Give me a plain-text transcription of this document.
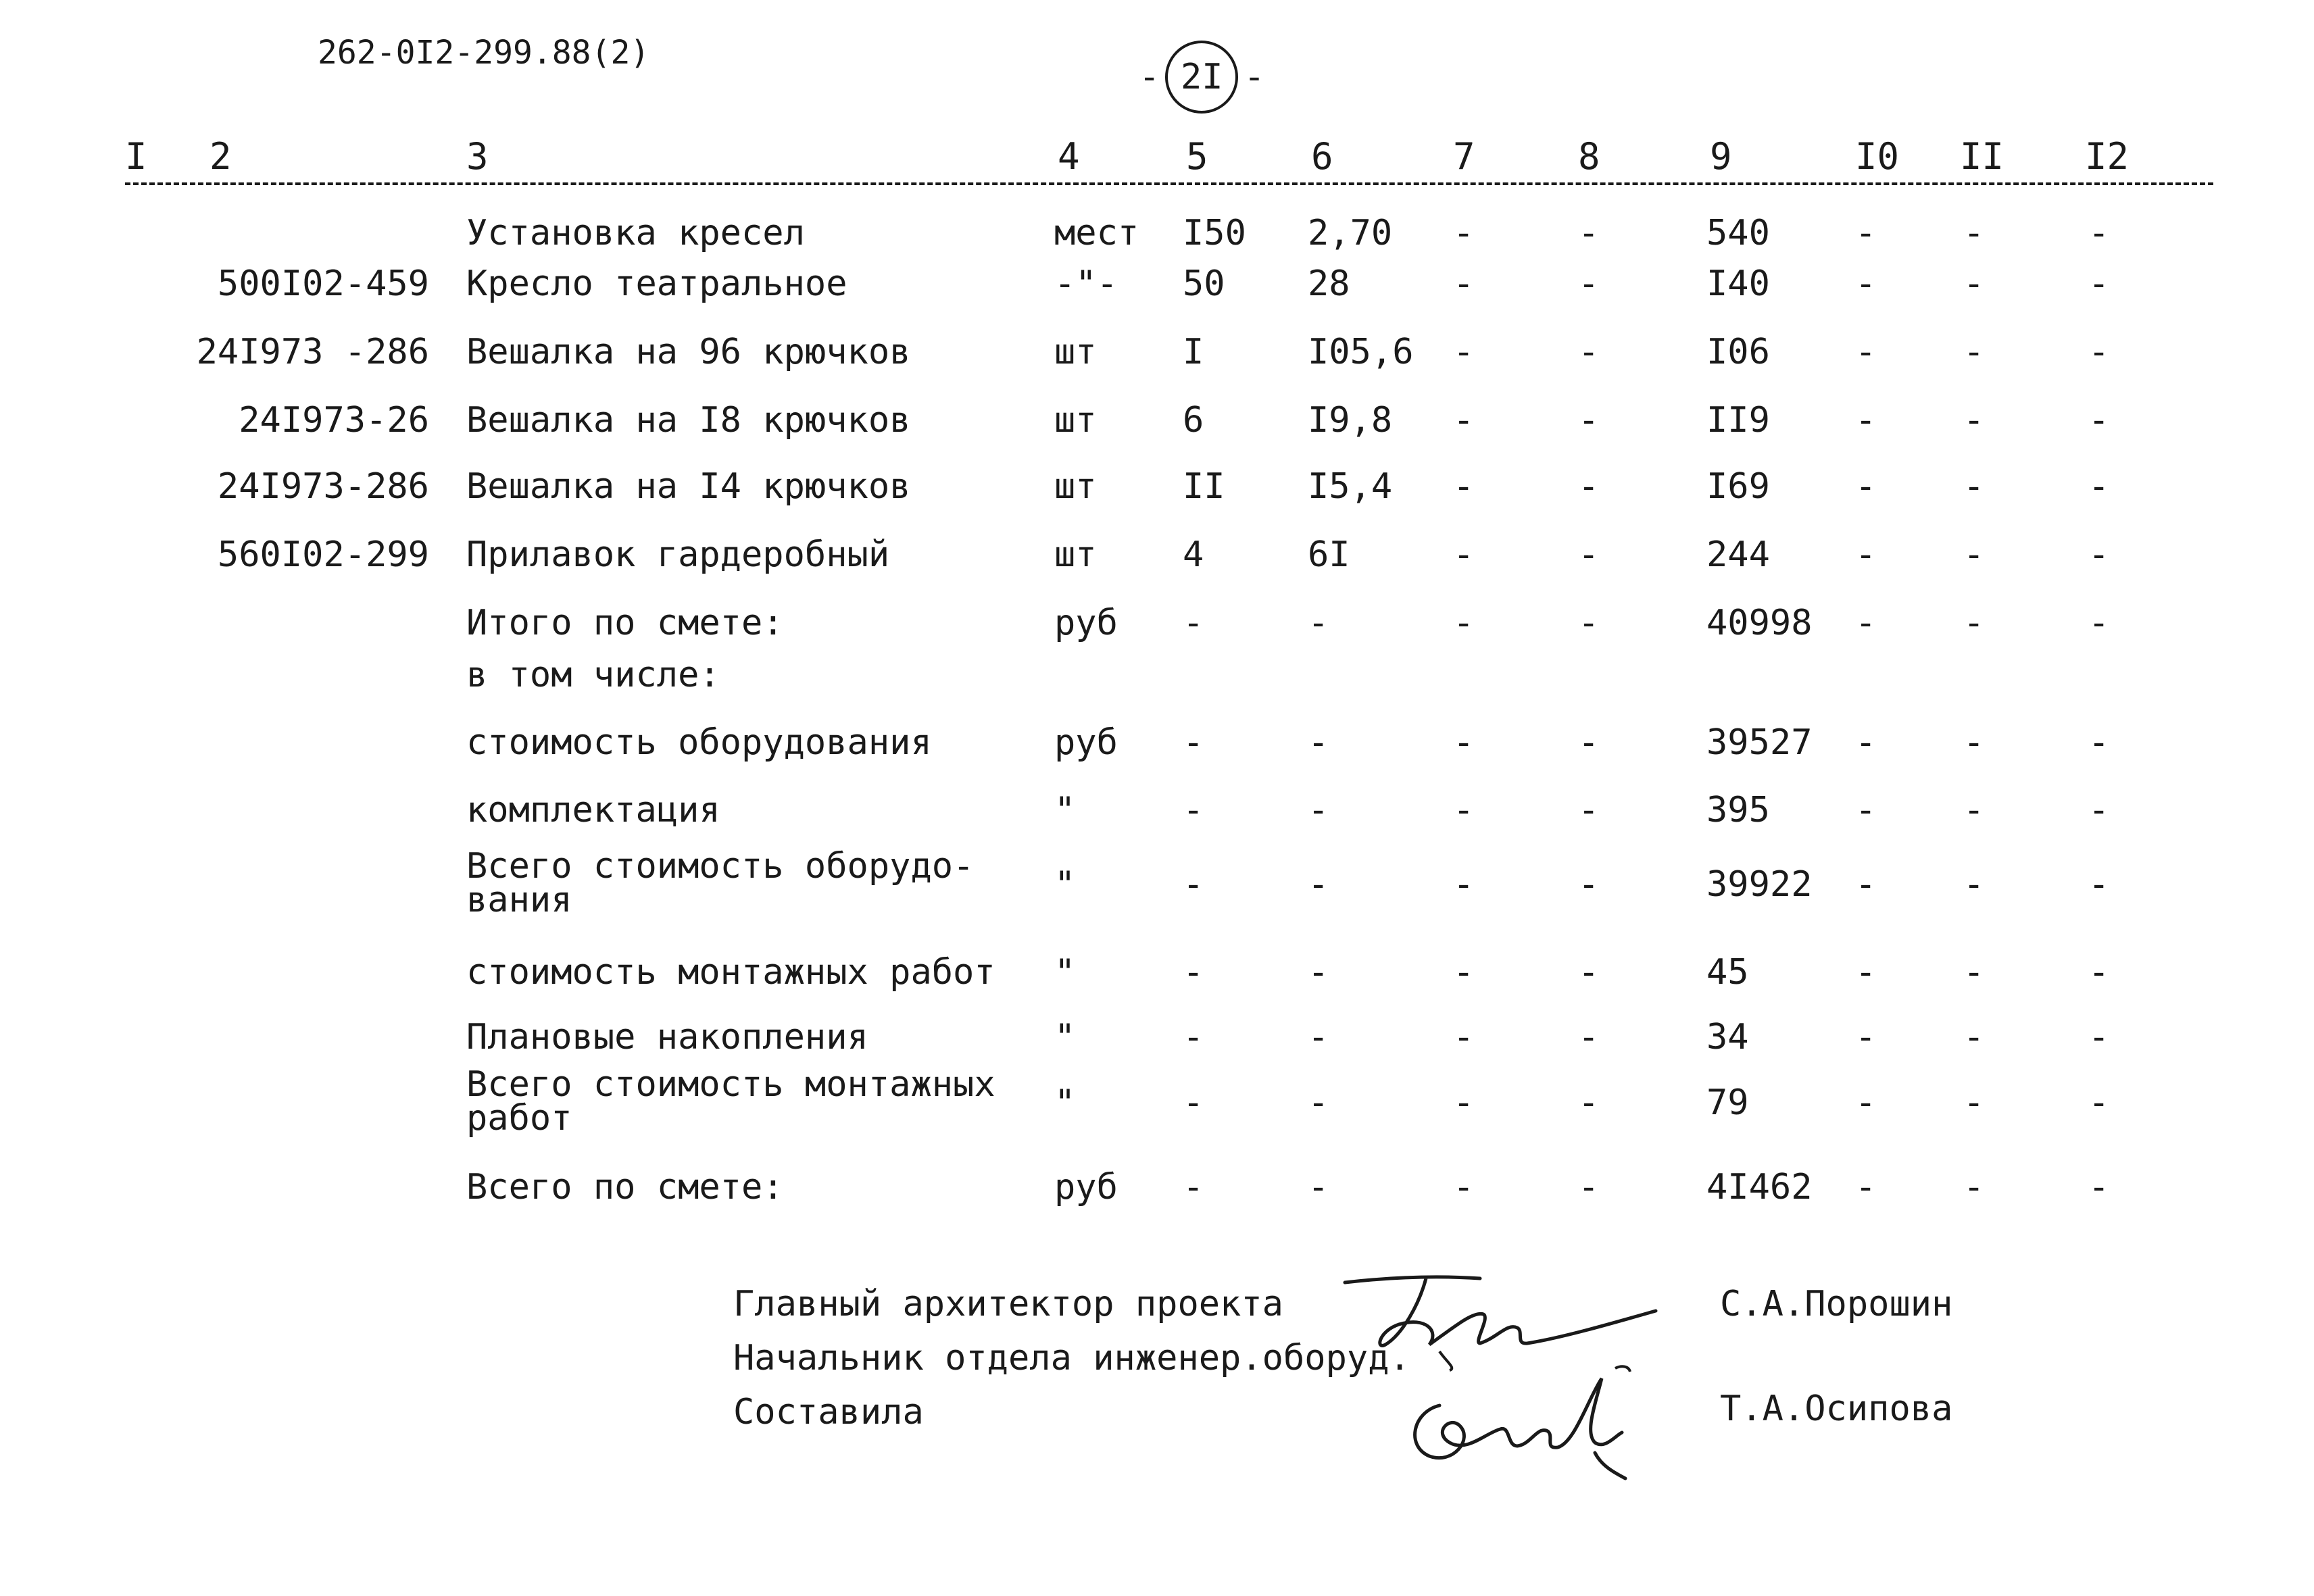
262-0I2-299.88(2)
- 2I -
I 2	3	4	5	6	7	8	9	I0 II I2
Установка кресел	мест I50 2,70 -	-	540 - -	-
500I02-459 Кресло театральное	-"- 50 28	-	-	I40 - -	-
24I973 -286 Вешалка на 96 крючков	шт I	I05,6 -	-	I06 - -	-
24I973-26 Вешалка на I8 крючков	шт 6	I9,8 -	-	II9 - -	-
24I973-286 Вешалка на I4 крючков	шт II I5,4 -	-	I69 - -	-
560I02-299 Прилавок гардеробный	шт 4	6I	-	-	244 - -	-
Итого по смете:	руб -	-	-	-	40998 - -	-
в том числе:
стоимость оборудования	руб -	-	-	-	39527 - -	-
комплектация	"	-	-	-	-	395 - -	-
Всего стоимость оборудо-вания	"	-	-	-	-	39922 - -	-
стоимость монтажных работ "	-	-	-	-	45	- -	-
Плановые накопления	"	-	-	-	-	34	- -	-
Всего стоимость монтажных работ	"	-	-	-	-	79	- -	-
Всего по смете:	руб -	-	-	-	4I462 - -	-
Главный архитектор проекта
Начальник отдела инженер.оборуд.
Составила
С.А.Порошин
Т.А.Осипова
